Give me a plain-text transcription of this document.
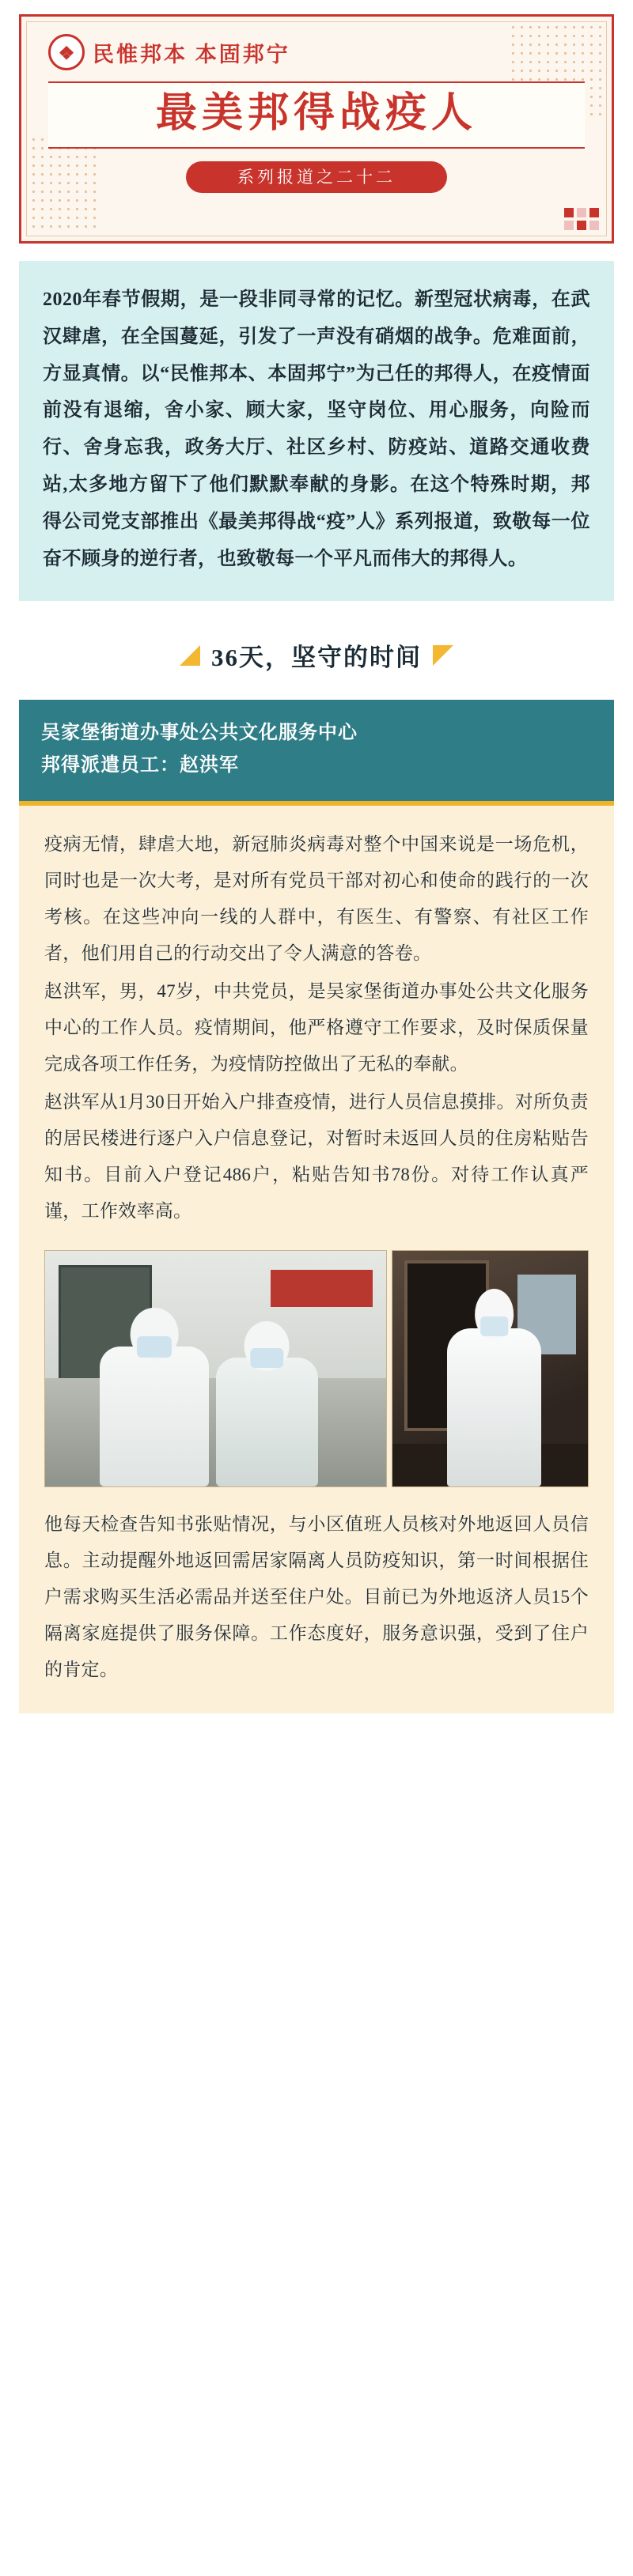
❖ 民惟邦本 本固邦宁
最美邦得战疫人
系列报道之二十二

2020年春节假期，是一段非同寻常的记忆。新型冠状病毒，在武汉肆虐，在全国蔓延，引发了一声没有硝烟的战争。危难面前，方显真情。以“民惟邦本、本固邦宁”为己任的邦得人，在疫情面前没有退缩，舍小家、顾大家，坚守岗位、用心服务，向险而行、舍身忘我，政务大厅、社区乡村、防疫站、道路交通收费站,太多地方留下了他们默默奉献的身影。在这个特殊时期，邦得公司党支部推出《最美邦得战“疫”人》系列报道，致敬每一位奋不顾身的逆行者，也致敬每一个平凡而伟大的邦得人。

36天，坚守的时间

吴家堡街道办事处公共文化服务中心

邦得派遣员工：赵洪军

疫病无情，肆虐大地，新冠肺炎病毒对整个中国来说是一场危机，同时也是一次大考，是对所有党员干部对初心和使命的践行的一次考核。在这些冲向一线的人群中，有医生、有警察、有社区工作者，他们用自己的行动交出了令人满意的答卷。

赵洪军，男，47岁，中共党员，是吴家堡街道办事处公共文化服务中心的工作人员。疫情期间，他严格遵守工作要求，及时保质保量完成各项工作任务，为疫情防控做出了无私的奉献。

赵洪军从1月30日开始入户排查疫情，进行人员信息摸排。对所负责的居民楼进行逐户入户信息登记，对暂时未返回人员的住房粘贴告知书。目前入户登记486户，粘贴告知书78份。对待工作认真严谨，工作效率高。

他每天检查告知书张贴情况，与小区值班人员核对外地返回人员信息。主动提醒外地返回需居家隔离人员防疫知识，第一时间根据住户需求购买生活必需品并送至住户处。目前已为外地返济人员15个隔离家庭提供了服务保障。工作态度好，服务意识强，受到了住户的肯定。
